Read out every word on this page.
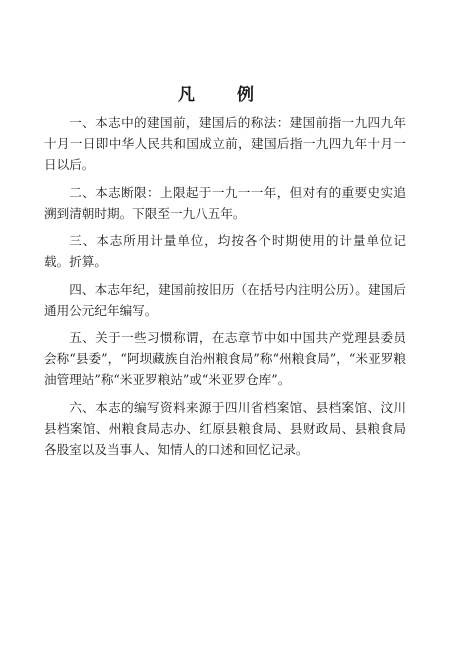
凡 例

一、本志中的建国前，建国后的称法：建国前指一九四九年十月一日即中华人民共和国成立前，建国后指一九四九年十月一日以后。

二、本志断限：上限起于一九一一年，但对有的重要史实追溯到清朝时期。下限至一九八五年。

三、本志所用计量单位，均按各个时期使用的计量单位记载。折算。

四、本志年纪，建国前按旧历（在括号内注明公历）。建国后通用公元纪年编写。

五、关于一些习惯称谓，在志章节中如中国共产党理县委员会称“县委”，“阿坝藏族自治州粮食局”称“州粮食局”，“米亚罗粮油管理站”称“米亚罗粮站”或“米亚罗仓库”。

六、本志的编写资料来源于四川省档案馆、县档案馆、汶川县档案馆、州粮食局志办、红原县粮食局、县财政局、县粮食局各股室以及当事人、知情人的口述和回忆记录。
